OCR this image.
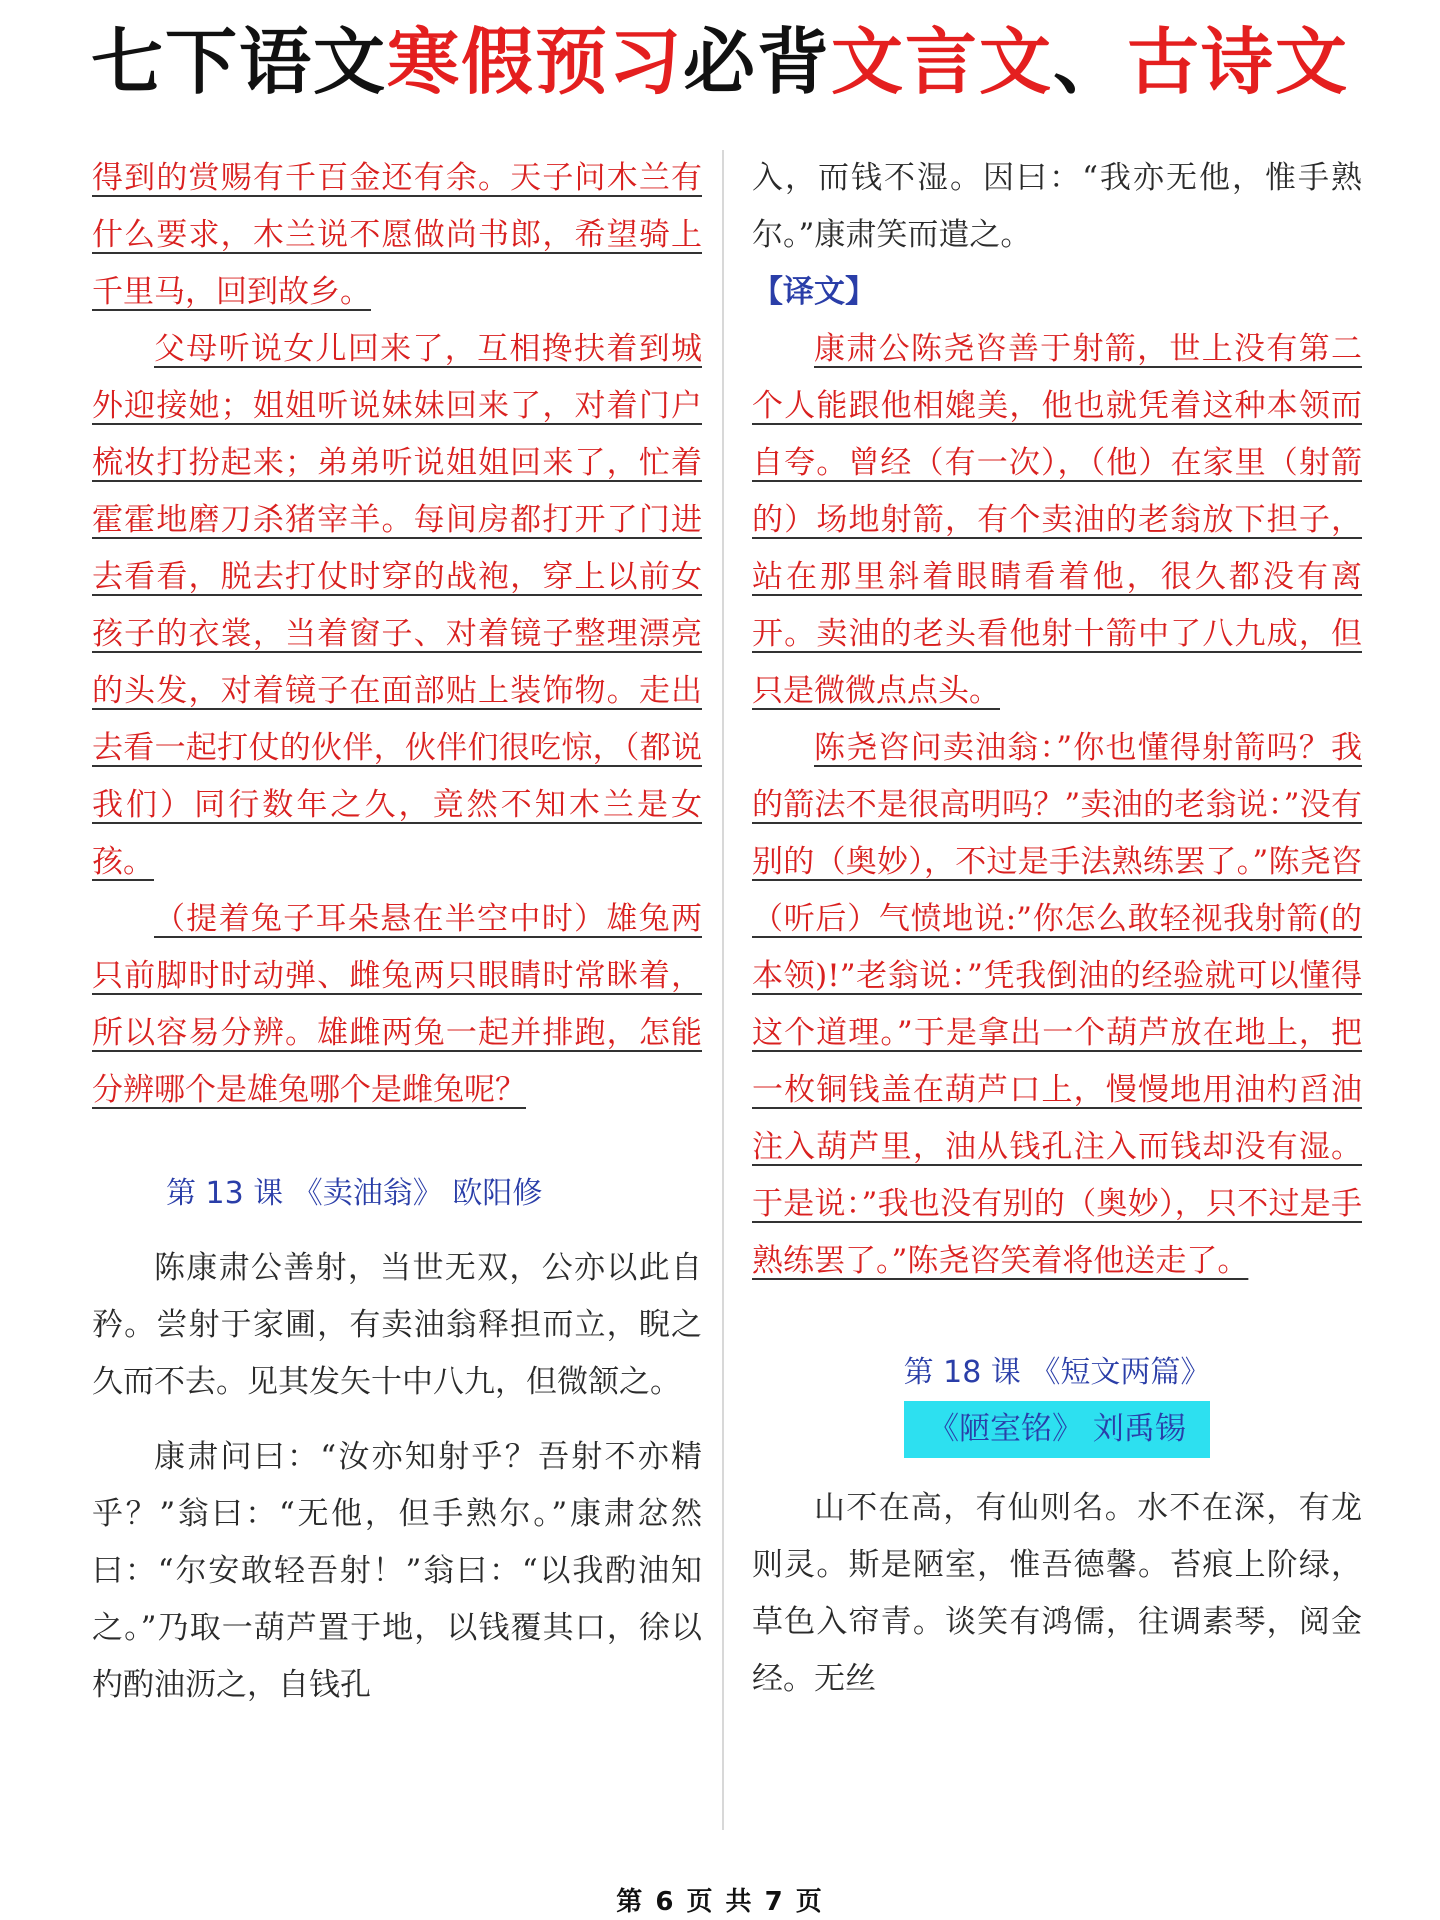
七下语文寒假预习必背文言文、古诗文

得到的赏赐有千百金还有余。天子问木兰有什么要求，木兰说不愿做尚书郎，希望骑上千里马，回到故乡。

父母听说女儿回来了，互相搀扶着到城外迎接她；姐姐听说妹妹回来了，对着门户梳妆打扮起来；弟弟听说姐姐回来了，忙着霍霍地磨刀杀猪宰羊。每间房都打开了门进去看看，脱去打仗时穿的战袍，穿上以前女孩子的衣裳，当着窗子、对着镜子整理漂亮的头发，对着镜子在面部贴上装饰物。走出去看一起打仗的伙伴，伙伴们很吃惊，（都说我们）同行数年之久，竟然不知木兰是女孩。

（提着兔子耳朵悬在半空中时）雄兔两只前脚时时动弹、雌兔两只眼睛时常眯着，所以容易分辨。雄雌两兔一起并排跑，怎能分辨哪个是雄兔哪个是雌兔呢？

第 13 课 《卖油翁》 欧阳修

陈康肃公善射，当世无双，公亦以此自矜。尝射于家圃，有卖油翁释担而立，睨之久而不去。见其发矢十中八九，但微颔之。

康肃问曰：“汝亦知射乎？吾射不亦精乎？”翁曰：“无他，但手熟尔。”康肃忿然曰：“尔安敢轻吾射！”翁曰：“以我酌油知之。”乃取一葫芦置于地，以钱覆其口，徐以杓酌油沥之，自钱孔

入，而钱不湿。因曰：“我亦无他，惟手熟尔。”康肃笑而遣之。

【译文】

康肃公陈尧咨善于射箭，世上没有第二个人能跟他相媲美，他也就凭着这种本领而自夸。曾经（有一次），（他）在家里（射箭的）场地射箭，有个卖油的老翁放下担子，站在那里斜着眼睛看着他，很久都没有离开。卖油的老头看他射十箭中了八九成，但只是微微点点头。

陈尧咨问卖油翁：”你也懂得射箭吗？我的箭法不是很高明吗？”卖油的老翁说：”没有别的（奥妙），不过是手法熟练罢了。”陈尧咨（听后）气愤地说:”你怎么敢轻视我射箭(的本领)!”老翁说：”凭我倒油的经验就可以懂得这个道理。”于是拿出一个葫芦放在地上，把一枚铜钱盖在葫芦口上，慢慢地用油杓舀油注入葫芦里，油从钱孔注入而钱却没有湿。于是说：”我也没有别的（奥妙），只不过是手熟练罢了。”陈尧咨笑着将他送走了。

第 18 课 《短文两篇》

《陋室铭》 刘禹锡

山不在高，有仙则名。水不在深，有龙则灵。斯是陋室，惟吾德馨。苔痕上阶绿，草色入帘青。谈笑有鸿儒，往调素琴，阅金经。无丝

第 6 页 共 7 页
